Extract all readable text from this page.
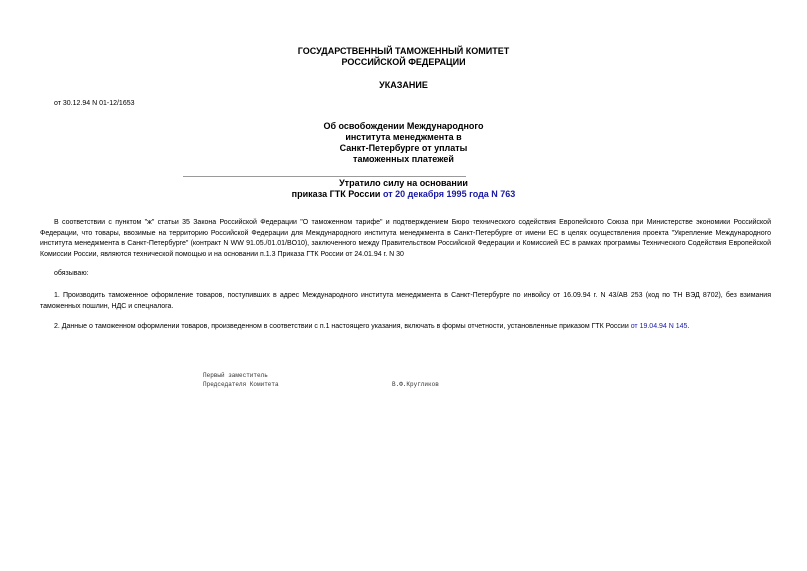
ГОСУДАРСТВЕННЫЙ ТАМОЖЕННЫЙ КОМИТЕТ
РОССИЙСКОЙ ФЕДЕРАЦИИ
УКАЗАНИЕ
от 30.12.94 N 01-12/1653
Об освобождении Международного
института менеджмента в
Санкт-Петербурге от уплаты
таможенных платежей
Утратило силу на основании
приказа ГТК России от 20 декабря 1995 года N 763
В соответствии с пунктом "ж" статьи 35 Закона Российской Федерации "О таможенном тарифе" и подтверждением Бюро технического содействия Европейского Союза при Министерстве экономики Российской Федерации, что товары, ввозимые на территорию Российской Федерации для Международного института менеджмента в Санкт-Петербурге от имени ЕС в целях осуществления проекта "Укрепление Международного института менеджмента в Санкт-Петербурге" (контракт N WW 91.05./01.01/BO10), заключенного между Правительством Российской Федерации и Комиссией ЕС в рамках программы Технического Содействия Европейской Комиссии России, являются технической помощью и на основании п.1.3 Приказа ГТК России от 24.01.94 г. N 30
обязываю:
1. Производить таможенное оформление товаров, поступивших в адрес Международного института менеджмента в Санкт-Петербурге по инвойсу от 16.09.94 г. N 43/AB 253 (код по ТН ВЭД 8702), без взимания таможенных пошлин, НДС и спецналога.
2. Данные о таможенном оформлении товаров, произведенном в соответствии с п.1 настоящего указания, включать в формы отчетности, установленные приказом ГТК России от 19.04.94 N 145.
Первый заместитель
Председателя Комитета	В.Ф.Кругликов
